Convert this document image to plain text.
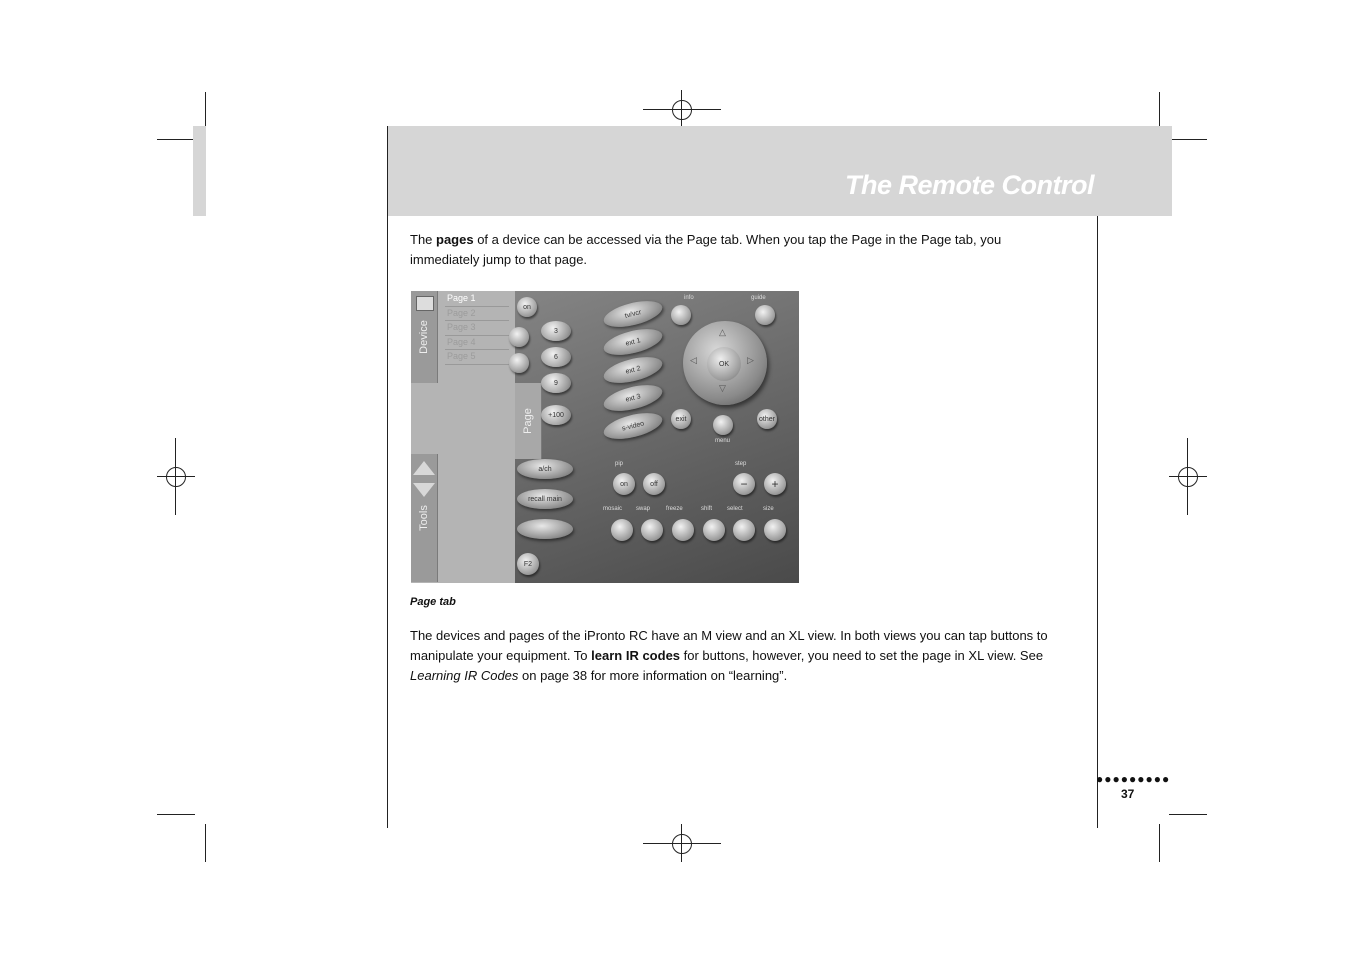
The Remote Control
The pages of a device can be accessed via the Page tab. When you tap the Page in the Page tab, you immediately jump to that page.
Device
Tools
Page 1
Page 2
Page 3
Page 4
Page 5
Page
on
3
6
9
+100
tv/vcr
ext 1
ext 2
ext 3
s-video
info	guide
OK
△
▽
◁	▷
exit
menu
other
pip
on	off
step
−	+
a/ch
recall main
F2
mosaic swap	freeze	shift select	size
Page tab
The devices and pages of the iPronto RC have an M view and an XL view. In both views you can tap buttons to manipulate your equipment. To learn IR codes for buttons, however, you need to set the page in XL view. See Learning IR Codes on page 38 for more information on “learning”.
●●●●●●●●●
37
